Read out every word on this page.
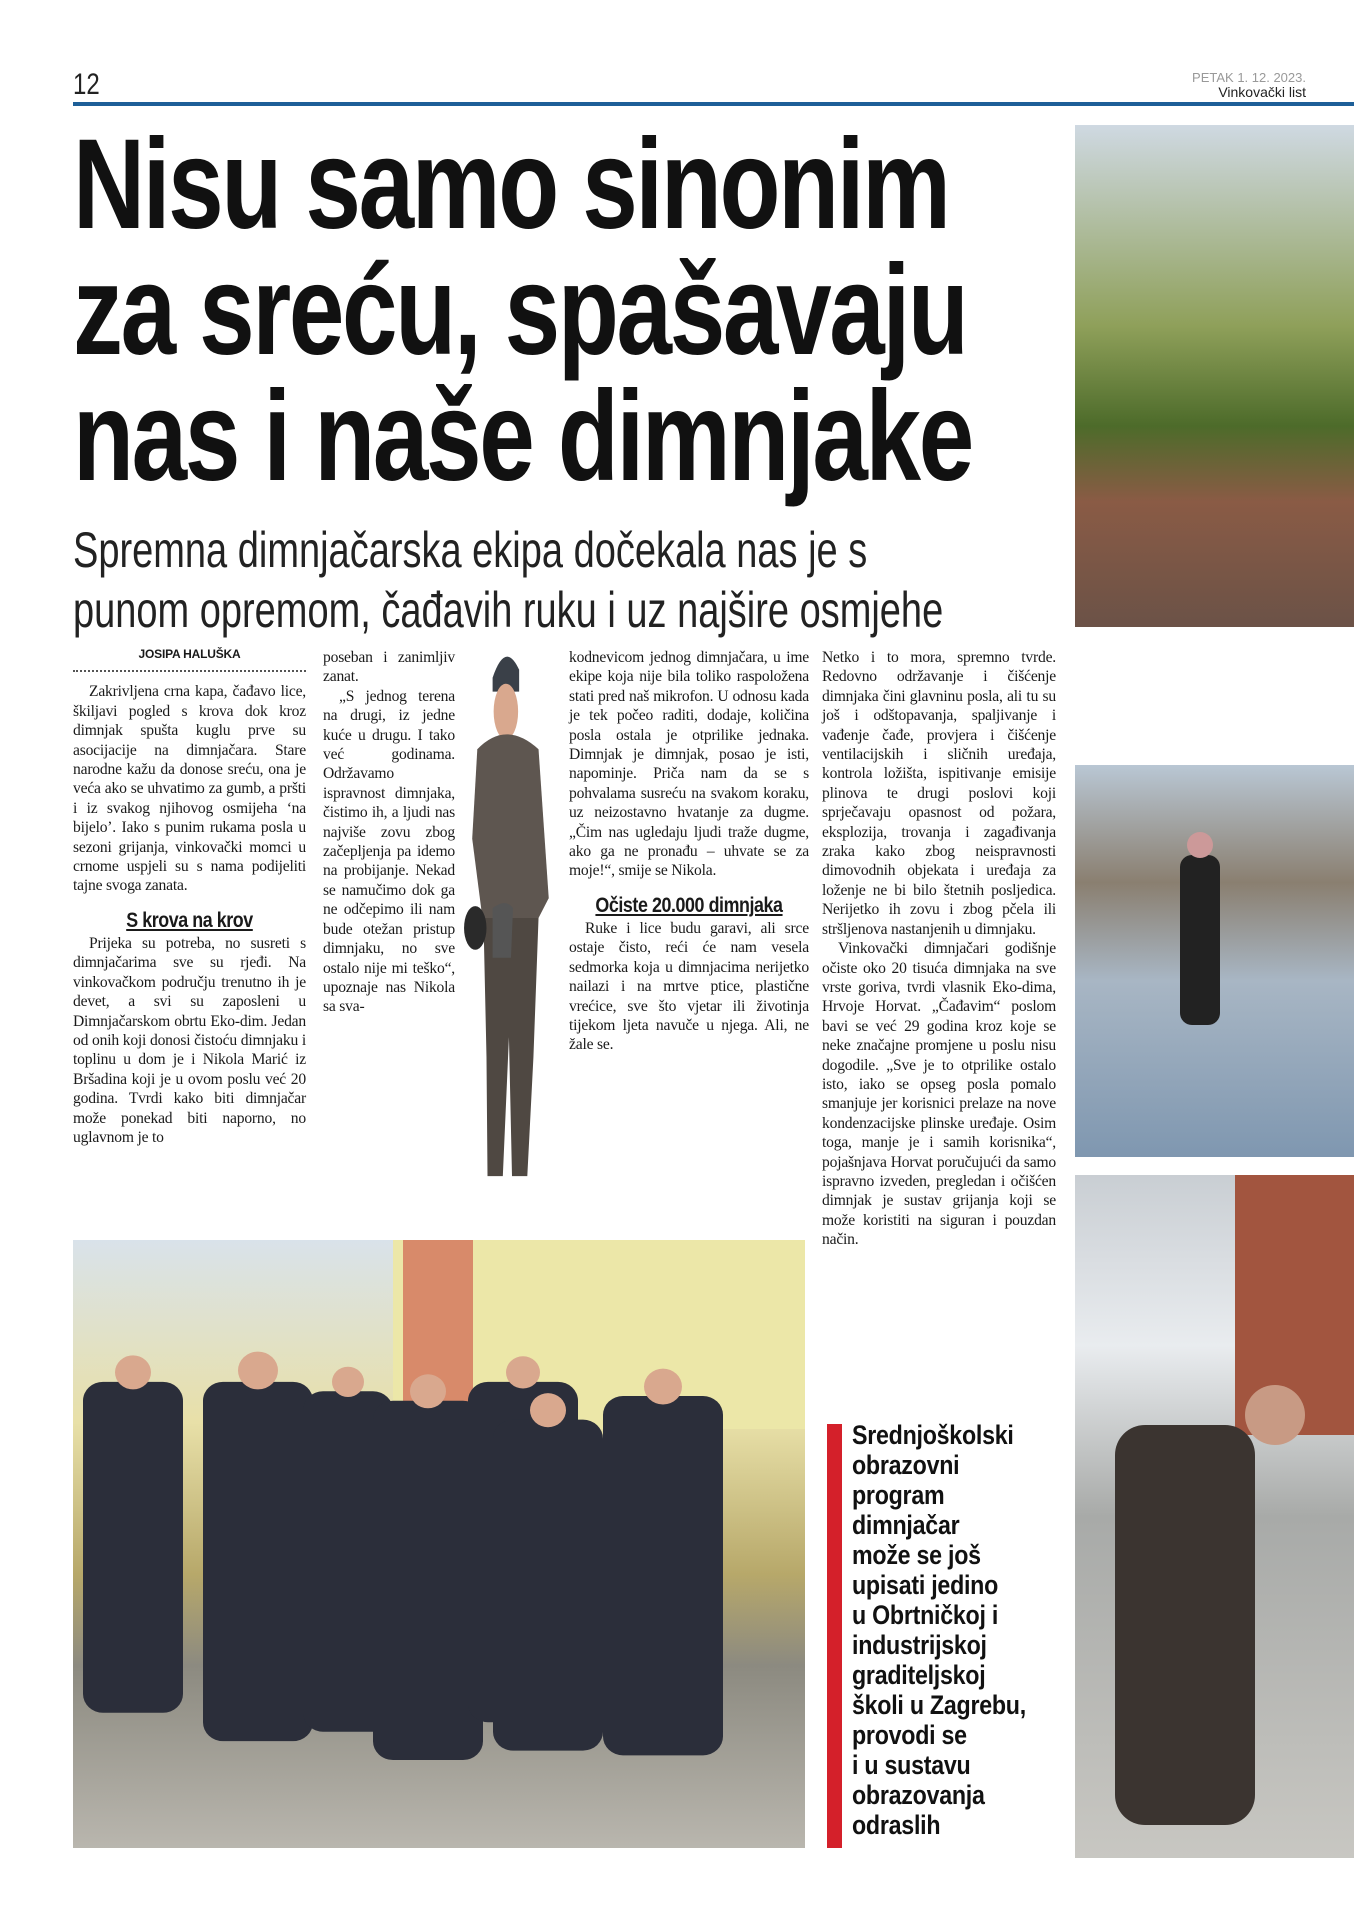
12	PETAK 1. 12. 2023.
Vinkovački list
Nisu samo sinonim
za sreću, spašavaju
nas i naše dimnjake
Spremna dimnjačarska ekipa dočekala nas je s
punom opremom, čađavih ruku i uz najšire osmjehe
JOSIPA HALUŠKA

Zakrivljena crna kapa, čađavo lice, škiljavi pogled s krova dok kroz dimnjak spušta kuglu prve su asocijacije na dimnjačara. Stare narodne kažu da donose sreću, ona je veća ako se uhvatimo za gumb, a pršti i iz svakog njihovog osmijeha ‘na bijelo’. Iako s punim rukama posla u sezoni grijanja, vinkovački momci u crnome uspjeli su s nama podijeliti tajne svoga zanata.

S krova na krov

Prijeka su potreba, no susreti s dimnjačarima sve su rjeđi. Na vinkovačkom području trenutno ih je devet, a svi su zaposleni u Dimnjačarskom obrtu Eko-dim. Jedan od onih koji donosi čistoću dimnjaku i toplinu u dom je i Nikola Marić iz Bršadina koji je u ovom poslu već 20 godina. Tvrdi kako biti dimnjačar može ponekad biti naporno, no uglavnom je to

poseban i zanimljiv zanat.

„S jednog terena na drugi, iz jedne kuće u drugu. I tako već godinama. Održavamo ispravnost dimnjaka, čistimo ih, a ljudi nas najviše zovu zbog začepljenja pa idemo na probijanje. Nekad se namučimo dok ga ne odčepimo ili nam bude otežan pristup dimnjaku, no sve ostalo nije mi teško“, upoznaje nas Nikola sa sva-

kodnevicom jednog dimnjačara, u ime ekipe koja nije bila toliko raspoložena stati pred naš mikrofon. U odnosu kada je tek počeo raditi, dodaje, količina posla ostala je otprilike jednaka. Dimnjak je dimnjak, posao je isti, napominje. Priča nam da se s pohvalama susreću na svakom koraku, uz neizostavno hvatanje za dugme. „Čim nas ugledaju ljudi traže dugme, ako ga ne pronađu – uhvate se za moje!“, smije se Nikola.

Očiste 20.000 dimnjaka

Ruke i lice budu garavi, ali srce ostaje čisto, reći će nam vesela sedmorka koja u dimnjacima nerijetko nailazi i na mrtve ptice, plastične vrećice, sve što vjetar ili životinja tijekom ljeta navuče u njega. Ali, ne žale se.

Netko i to mora, spremno tvrde. Redovno održavanje i čišćenje dimnjaka čini glavninu posla, ali tu su još i odštopavanja, spaljivanje i vađenje čađe, provjera i čišćenje ventilacijskih i sličnih uređaja, kontrola ložišta, ispitivanje emisije plinova te drugi poslovi koji sprječavaju opasnost od požara, eksplozija, trovanja i zagađivanja zraka kako zbog neispravnosti dimovodnih objekata i uređaja za loženje ne bi bilo štetnih posljedica. Nerijetko ih zovu i zbog pčela ili stršljenova nastanjenih u dimnjaku.

Vinkovački dimnjačari godišnje očiste oko 20 tisuća dimnjaka na sve vrste goriva, tvrdi vlasnik Eko-dima, Hrvoje Horvat. „Čađavim“ poslom bavi se već 29 godina kroz koje se neke značajne promjene u poslu nisu dogodile. „Sve je to otprilike ostalo isto, iako se opseg posla pomalo smanjuje jer korisnici prelaze na nove kondenzacijske plinske uređaje. Osim toga, manje je i samih korisnika“, pojašnjava Horvat poručujući da samo ispravno izveden, pregledan i očišćen dimnjak je sustav grijanja koji se može koristiti na siguran i pouzdan način.

Srednjoškolski
obrazovni
program
dimnjačar
može se još
upisati jedino
u Obrtničkoj i
industrijskoj
graditeljskoj
školi u Zagrebu,
provodi se
i u sustavu
obrazovanja
odraslih
